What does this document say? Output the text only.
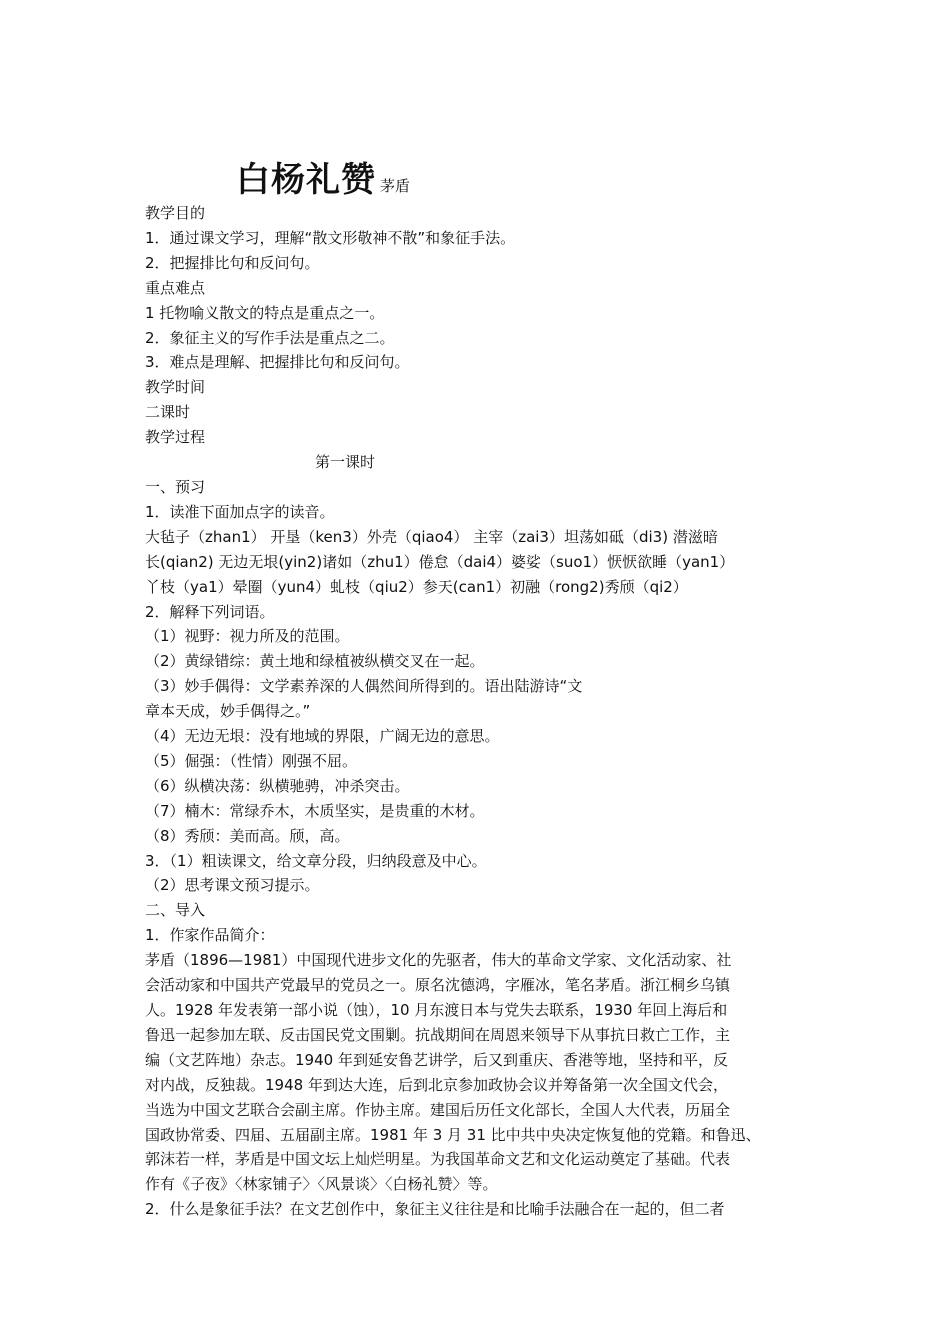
白杨礼赞 茅盾

教学目的

1．通过课文学习，理解“散文形敬神不散”和象征手法。

2．把握排比句和反问句。

重点难点

1 托物喻义散文的特点是重点之一。

2．象征主义的写作手法是重点之二。

3．难点是理解、把握排比句和反问句。

教学时间

二课时

教学过程

第一课时

一、预习

1．读准下面加点字的读音。

大毡子（zhan1） 开垦（ken3）外壳（qiao4） 主宰（zai3）坦荡如砥（di3) 潜滋暗

长(qian2) 无边无垠(yin2)诸如（zhu1）倦怠（dai4）婆娑（suo1）恹恹欲睡（yan1）

丫枝（ya1）晕圈（yun4）虬枝（qiu2）参天(can1）初融（rong2)秀颀（qi2）

2．解释下列词语。

（1）视野：视力所及的范围。

（2）黄绿错综：黄土地和绿植被纵横交叉在一起。

（3）妙手偶得：文学素养深的人偶然间所得到的。语出陆游诗“文

章本天成，妙手偶得之。”

（4）无边无垠：没有地域的界限，广阔无边的意思。

（5）倔强：（性情）刚强不屈。

（6）纵横决荡：纵横驰骋，冲杀突击。

（7）楠木：常绿乔木，木质坚实，是贵重的木材。

（8）秀颀：美而高。颀，高。

3．（1）粗读课文，给文章分段，归纳段意及中心。

（2）思考课文预习提示。

二、导入

1．作家作品简介：

茅盾（1896—1981）中国现代进步文化的先驱者，伟大的革命文学家、文化活动家、社

会活动家和中国共产党最早的党员之一。原名沈德鸿，字雁冰，笔名茅盾。浙江桐乡乌镇

人。1928 年发表第一部小说（蚀），10 月东渡日本与党失去联系，1930 年回上海后和

鲁迅一起参加左联、反击国民党文围剿。抗战期间在周恩来领导下从事抗日救亡工作，主

编（文艺阵地）杂志。1940 年到延安鲁艺讲学，后又到重庆、香港等地，坚持和平，反

对内战，反独裁。1948 年到达大连，后到北京参加政协会议并筹备第一次全国文代会，

当选为中国文艺联合会副主席。作协主席。建国后历任文化部长，全国人大代表，历届全

国政协常委、四届、五届副主席。1981 年 3 月 31 比中共中央决定恢复他的党籍。和鲁迅、

郭沫若一样，茅盾是中国文坛上灿烂明星。为我国革命文艺和文化运动奠定了基础。代表

作有《子夜》〈林家铺子〉〈风景谈〉〈白杨礼赞〉等。

2．什么是象征手法？在文艺创作中，象征主义往往是和比喻手法融合在一起的，但二者
